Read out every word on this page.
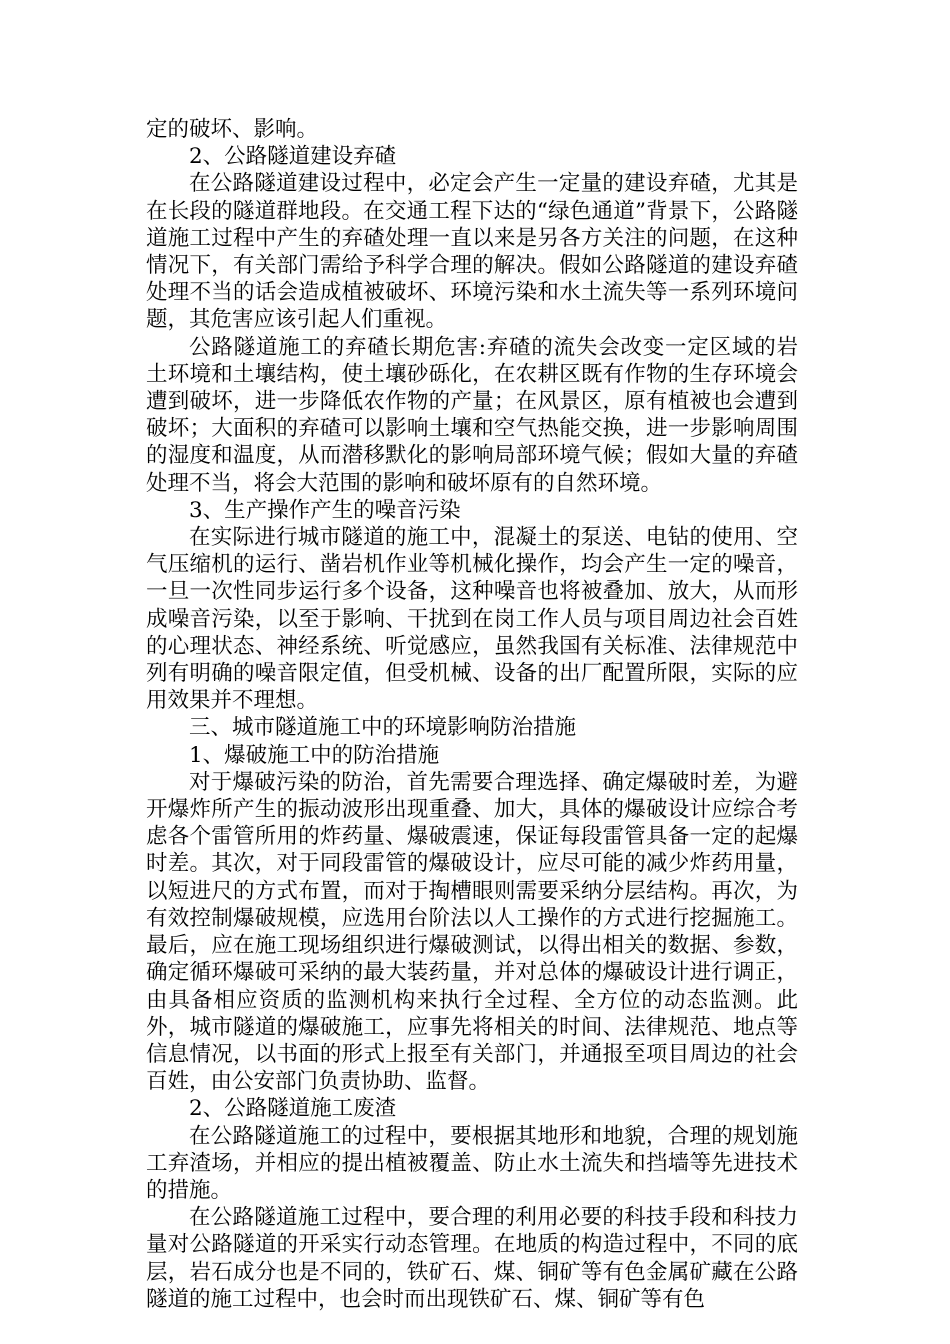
定的破坏、影响。

2、公路隧道建设弃碴

在公路隧道建设过程中，必定会产生一定量的建设弃碴，尤其是在长段的隧道群地段。在交通工程下达的“绿色通道”背景下，公路隧道施工过程中产生的弃碴处理一直以来是另各方关注的问题，在这种情况下，有关部门需给予科学合理的解决。假如公路隧道的建设弃碴处理不当的话会造成植被破坏、环境污染和水土流失等一系列环境问题，其危害应该引起人们重视。

公路隧道施工的弃碴长期危害:弃碴的流失会改变一定区域的岩土环境和土壤结构，使土壤砂砾化，在农耕区既有作物的生存环境会遭到破坏，进一步降低农作物的产量；在风景区，原有植被也会遭到破坏；大面积的弃碴可以影响土壤和空气热能交换，进一步影响周围的湿度和温度，从而潜移默化的影响局部环境气候；假如大量的弃碴处理不当，将会大范围的影响和破坏原有的自然环境。

3、生产操作产生的噪音污染

在实际进行城市隧道的施工中，混凝土的泵送、电钻的使用、空气压缩机的运行、凿岩机作业等机械化操作，均会产生一定的噪音，一旦一次性同步运行多个设备，这种噪音也将被叠加、放大，从而形成噪音污染，以至于影响、干扰到在岗工作人员与项目周边社会百姓的心理状态、神经系统、听觉感应，虽然我国有关标准、法律规范中列有明确的噪音限定值，但受机械、设备的出厂配置所限，实际的应用效果并不理想。

三、城市隧道施工中的环境影响防治措施

1、爆破施工中的防治措施

对于爆破污染的防治，首先需要合理选择、确定爆破时差，为避开爆炸所产生的振动波形出现重叠、加大，具体的爆破设计应综合考虑各个雷管所用的炸药量、爆破震速，保证每段雷管具备一定的起爆时差。其次，对于同段雷管的爆破设计，应尽可能的减少炸药用量，以短进尺的方式布置，而对于掏槽眼则需要采纳分层结构。再次，为有效控制爆破规模，应选用台阶法以人工操作的方式进行挖掘施工。最后，应在施工现场组织进行爆破测试，以得出相关的数据、参数，确定循环爆破可采纳的最大装药量，并对总体的爆破设计进行调正，由具备相应资质的监测机构来执行全过程、全方位的动态监测。此外，城市隧道的爆破施工，应事先将相关的时间、法律规范、地点等信息情况，以书面的形式上报至有关部门，并通报至项目周边的社会百姓，由公安部门负责协助、监督。

2、公路隧道施工废渣

在公路隧道施工的过程中，要根据其地形和地貌，合理的规划施工弃渣场，并相应的提出植被覆盖、防止水土流失和挡墙等先进技术的措施。

在公路隧道施工过程中，要合理的利用必要的科技手段和科技力量对公路隧道的开采实行动态管理。在地质的构造过程中，不同的底层，岩石成分也是不同的，铁矿石、煤、铜矿等有色金属矿藏在公路隧道的施工过程中，也会时而出现铁矿石、煤、铜矿等有色
